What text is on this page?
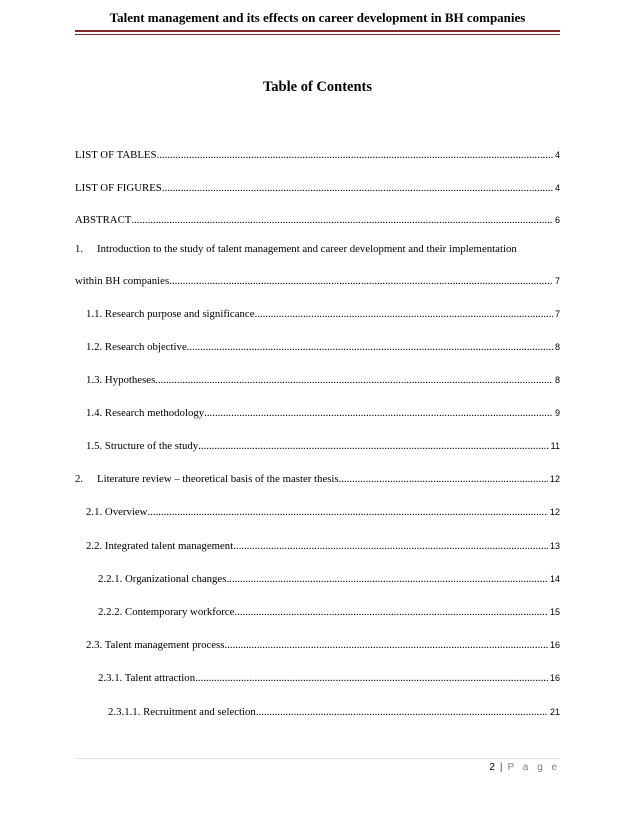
Talent management and its effects on career development in BH companies
Table of Contents
LIST OF TABLES .....	4
LIST OF FIGURES .....	4
ABSTRACT .....	6
1. Introduction to the study of talent management and career development and their implementation
within BH companies .....	7
1.1. Research purpose and significance .....	7
1.2. Research objective .....	8
1.3. Hypotheses .....	8
1.4. Research methodology .....	9
1.5. Structure of the study .....	11
2. Literature review – theoretical basis of the master thesis .....	12
2.1. Overview .....	12
2.2. Integrated talent management .....	13
2.2.1. Organizational changes .....	14
2.2.2. Contemporary workforce .....	15
2.3. Talent management process .....	16
2.3.1. Talent attraction .....	16
2.3.1.1. Recruitment and selection .....	21
2 | P a g e
